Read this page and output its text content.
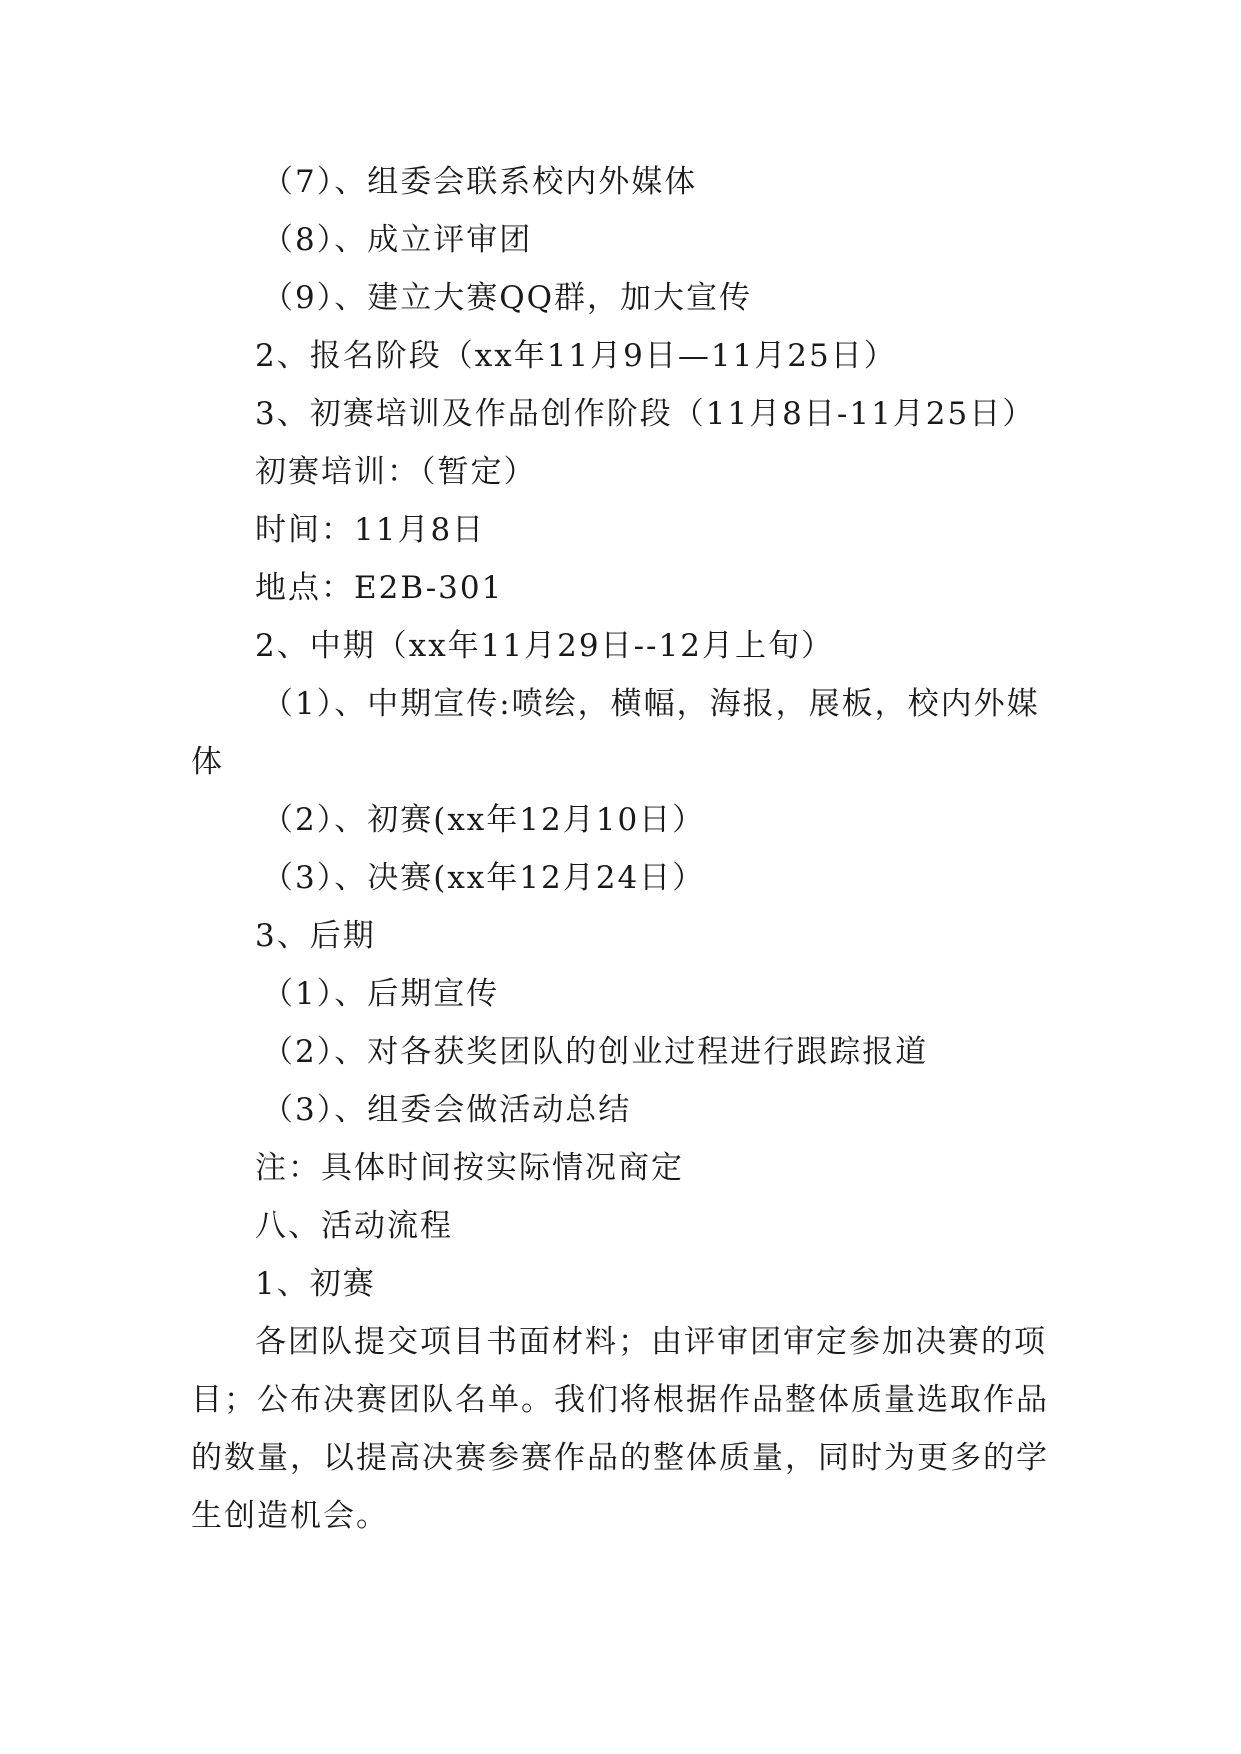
（7）、组委会联系校内外媒体
（8）、成立评审团
（9）、建立大赛QQ群，加大宣传
2、报名阶段（xx年11月9日—11月25日）
3、初赛培训及作品创作阶段（11月8日-11月25日）
初赛培训：（暂定）
时间：11月8日
地点：E2B-301
2、中期（xx年11月29日--12月上旬）
（1）、中期宣传:喷绘，横幅，海报，展板，校内外媒
体
（2）、初赛(xx年12月10日）
（3）、决赛(xx年12月24日）
3、后期
（1）、后期宣传
（2）、对各获奖团队的创业过程进行跟踪报道
（3）、组委会做活动总结
注：具体时间按实际情况商定
八、活动流程
1、初赛
各团队提交项目书面材料；由评审团审定参加决赛的项
目；公布决赛团队名单。我们将根据作品整体质量选取作品
的数量，以提高决赛参赛作品的整体质量，同时为更多的学
生创造机会。
